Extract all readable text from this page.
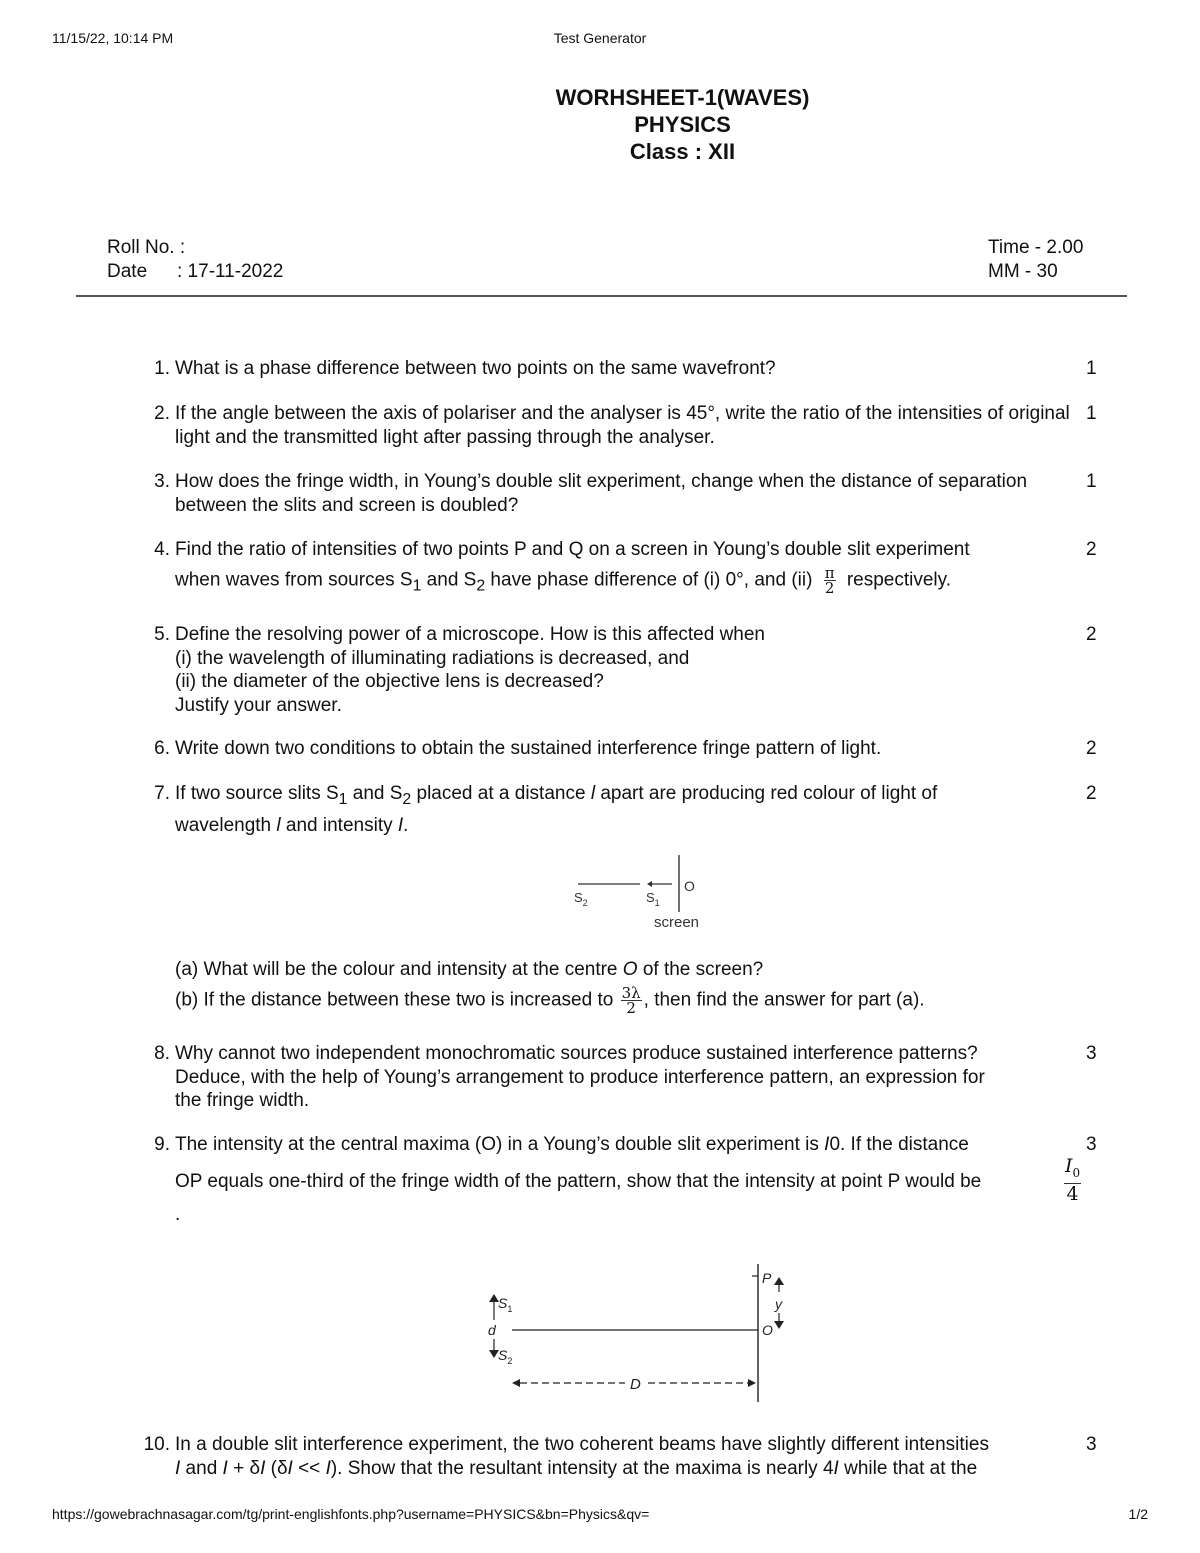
11/15/22, 10:14 PM	Test Generator
WORHSHEET-1(WAVES)
PHYSICS
Class : XII
Roll No. :
Date : 17-11-2022
Time - 2.00
MM - 30
1. What is a phase difference between two points on the same wavefront?	1
2. If the angle between the axis of polariser and the analyser is 45°, write the ratio of the intensities of original light and the transmitted light after passing through the analyser.
1
3. How does the fringe width, in Young’s double slit experiment, change when the distance of separation between the slits and screen is doubled?
1
4. Find the ratio of intensities of two points P and Q on a screen in Young’s double slit experiment
when waves from sources $S_1$ and $S_2$ have phase difference of (i) 0°, and $(ii) \frac{\pi}{2}$ respectively.
2
5. Define the resolving power of a microscope. How is this affected when
(i) the wavelength of illuminating radiations is decreased, and
(ii) the diameter of the objective lens is decreased?
Justify your answer.
2
6. Write down two conditions to obtain the sustained interference fringe pattern of light.	2
7. If two source slits $S_1$ and $S_2$ placed at a distance l apart are producing red colour of light of
wavelength l and intensity I.
2
$S_2$	$S_1$
O
screen
(a) What will be the colour and intensity at the centre O of the screen?
(b) If the distance between these two is increased to $\frac{3\lambda}{2}$ , then find the answer for part (a).
8. Why cannot two independent monochromatic sources produce sustained interference patterns?
Deduce, with the help of Young’s arrangement to produce interference pattern, an expression for
the fringe width.
3
9. The intensity at the central maxima (O) in a Young’s double slit experiment is I0. If the distance
OP equals one-third of the fringe width of the pattern, show that the intensity at point P would be
.
3
$\frac{I_0}{4}$
P
y
O
$S_1$
d
$S_2$
D
10. In a double slit interference experiment, the two coherent beams have slightly different intensities
I and I + δI (δI << I). Show that the resultant intensity at the maxima is nearly 4I while that at the
3
https://gowebrachnasagar.com/tg/print-englishfonts.php?username=PHYSICS&bn=Physics&qv=	1/2
